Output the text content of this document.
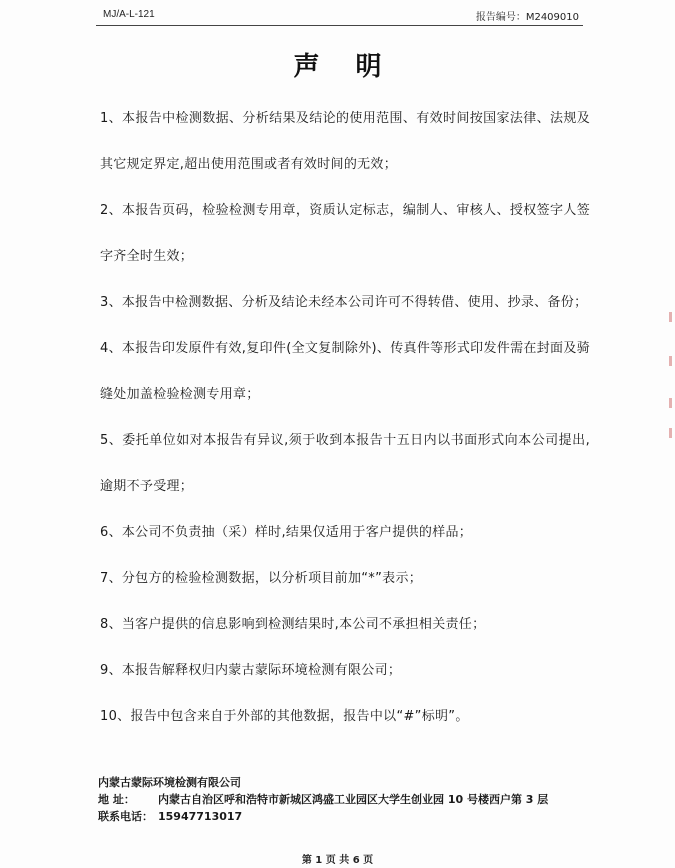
MJ/A-L-121	报告编号：M2409010
声明

1、本报告中检测数据、分析结果及结论的使用范围、有效时间按国家法律、法规及其它规定界定,超出使用范围或者有效时间的无效；

2、本报告页码，检验检测专用章，资质认定标志，编制人、审核人、授权签字人签字齐全时生效；

3、本报告中检测数据、分析及结论未经本公司许可不得转借、使用、抄录、备份；

4、本报告印发原件有效,复印件(全文复制除外)、传真件等形式印发件需在封面及骑缝处加盖检验检测专用章；

5、委托单位如对本报告有异议,须于收到本报告十五日内以书面形式向本公司提出,逾期不予受理；

6、本公司不负责抽（采）样时,结果仅适用于客户提供的样品；

7、分包方的检验检测数据，以分析项目前加“*”表示；

8、当客户提供的信息影响到检测结果时,本公司不承担相关责任；

9、本报告解释权归内蒙古蒙际环境检测有限公司；

10、报告中包含来自于外部的其他数据，报告中以“#”标明”。

内蒙古蒙际环境检测有限公司
地 址： 内蒙古自治区呼和浩特市新城区鸿盛工业园区大学生创业园 10 号楼西户第 3 层
联系电话： 15947713017
第 1 页 共 6 页
